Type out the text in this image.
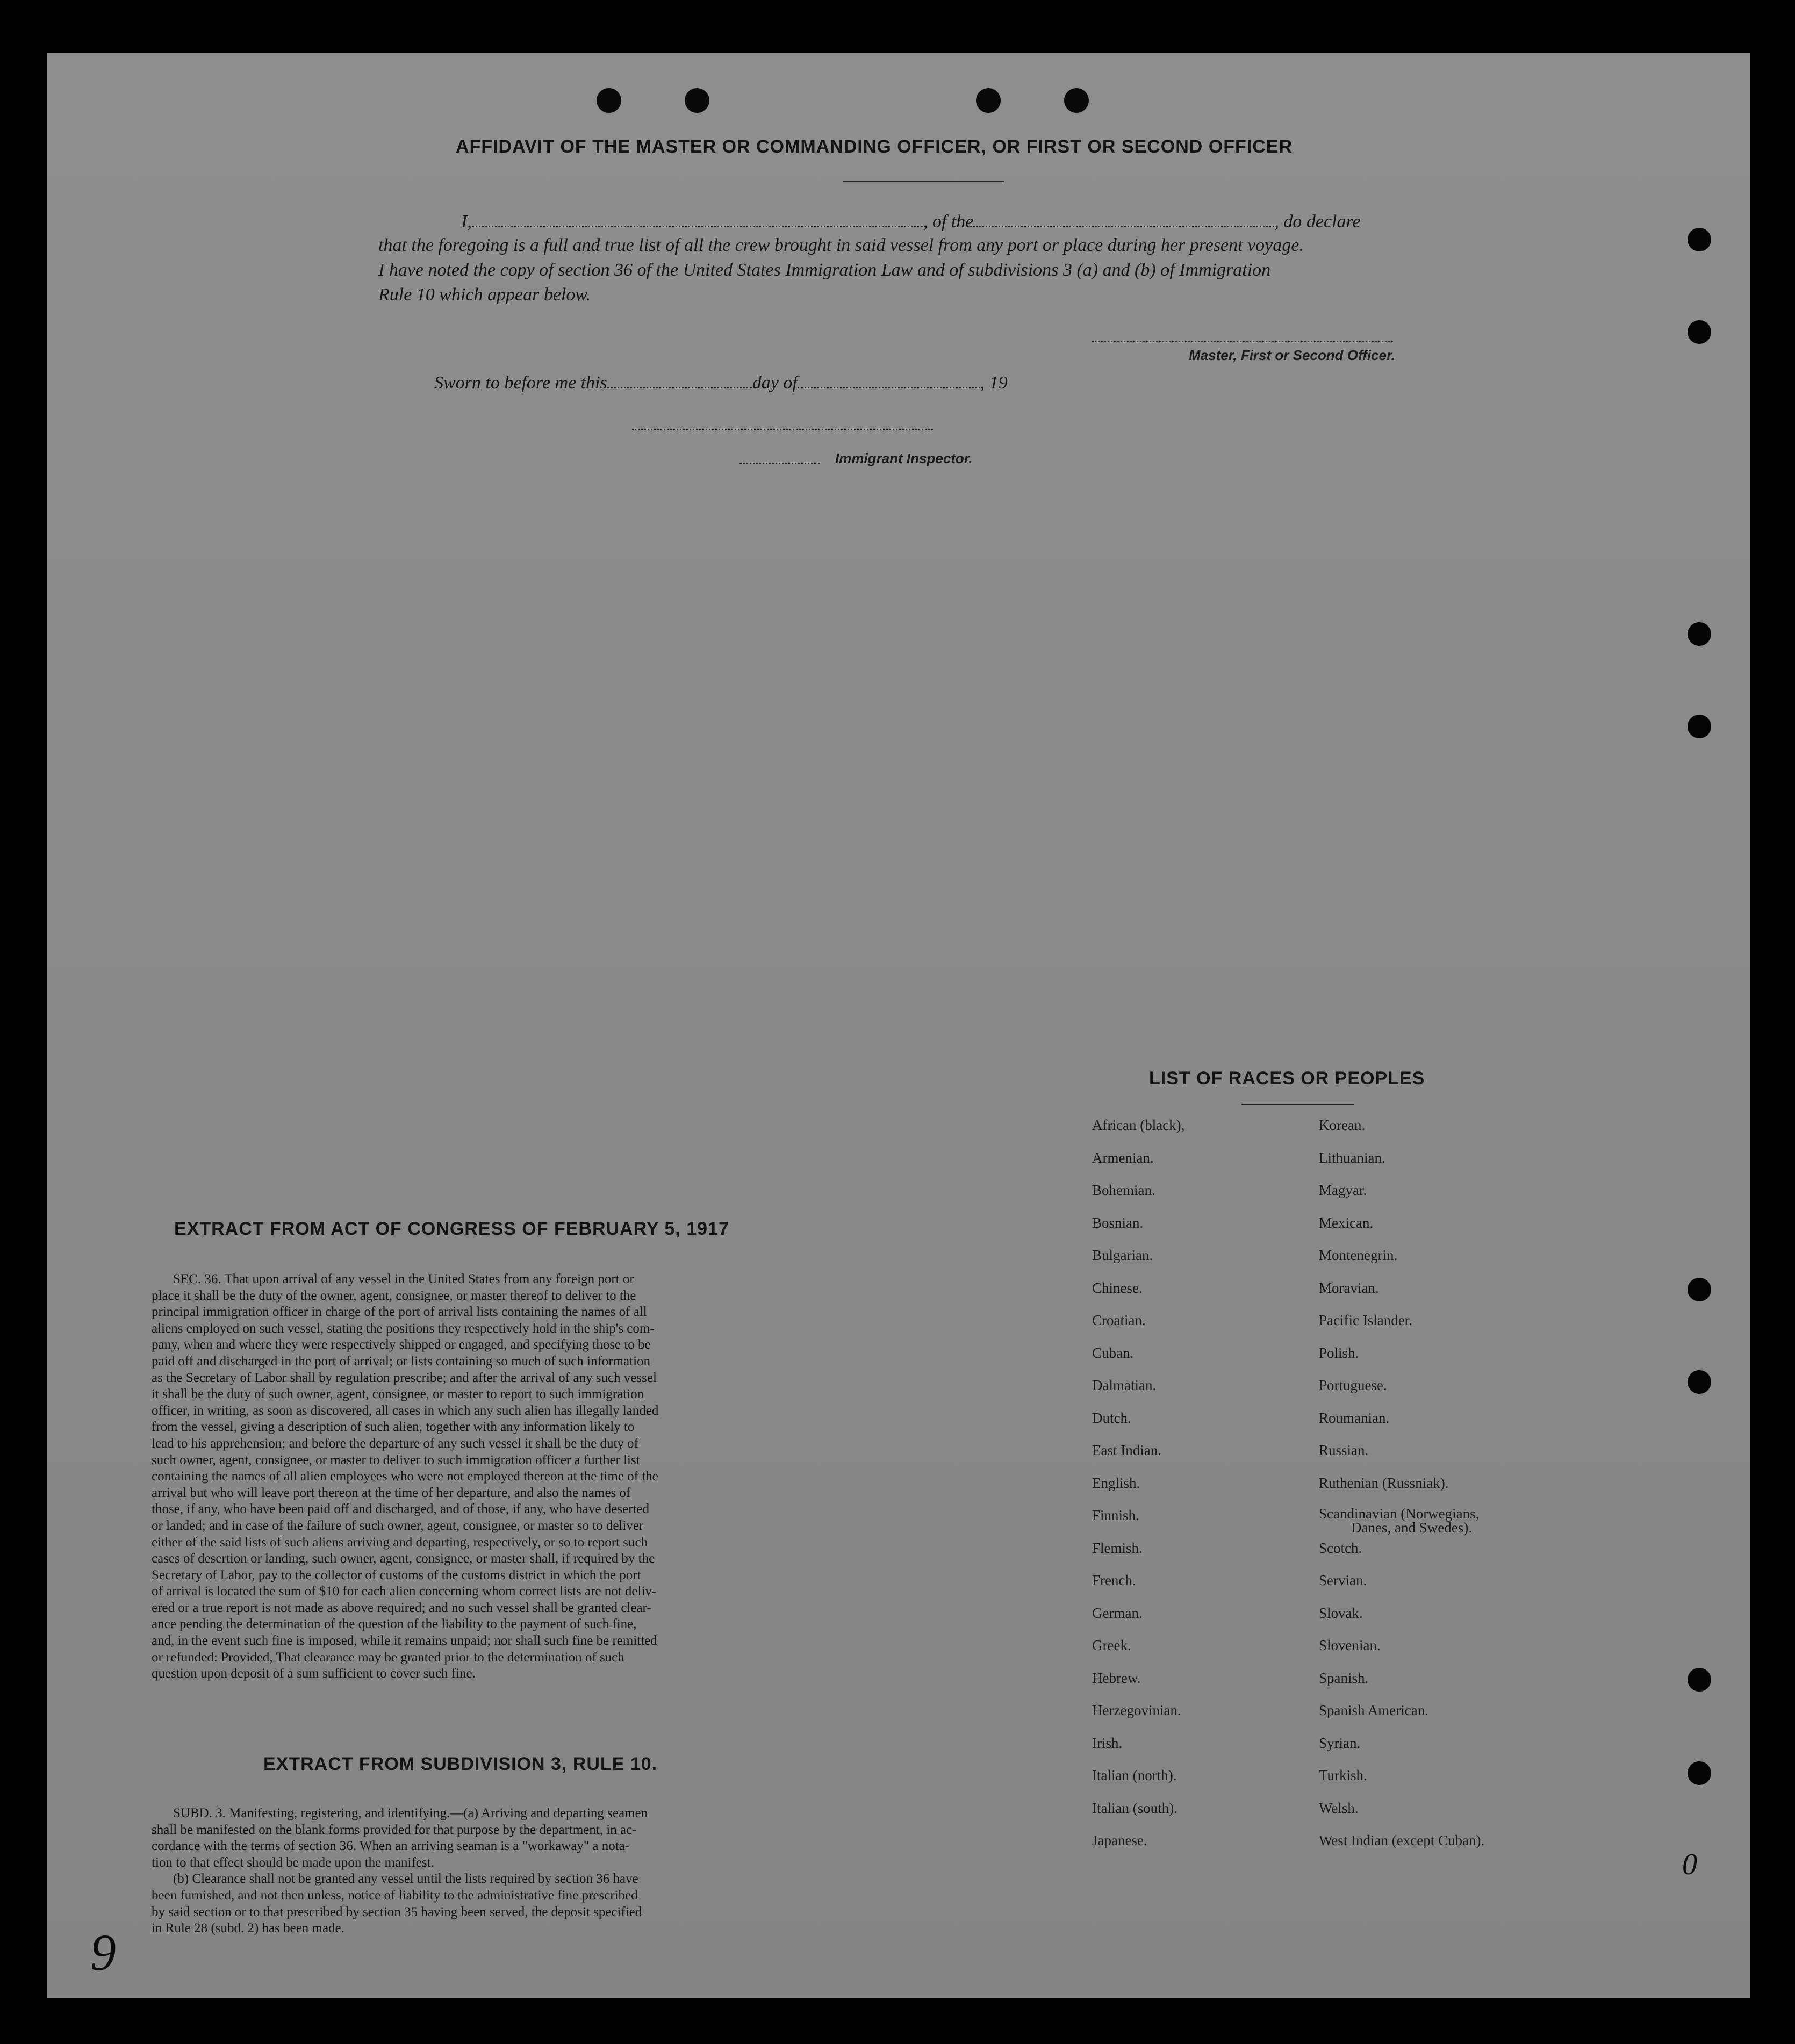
AFFIDAVIT OF THE MASTER OR COMMANDING OFFICER, OR FIRST OR SECOND OFFICER
I,	, of the	, do declare
that the foregoing is a full and true list of all the crew brought in said vessel from any port or place during her present voyage.
I have noted the copy of section 36 of the United States Immigration Law and of subdivisions 3 (a) and (b) of Immigration
Rule 10 which appear below.
Master, First or Second Officer.
Sworn to before me this	day of	, 19
Immigrant Inspector.
EXTRACT FROM ACT OF CONGRESS OF FEBRUARY 5, 1917
SEC. 36. That upon arrival of any vessel in the United States from any foreign port or
place it shall be the duty of the owner, agent, consignee, or master thereof to deliver to the
principal immigration officer in charge of the port of arrival lists containing the names of all
aliens employed on such vessel, stating the positions they respectively hold in the ship's com-
pany, when and where they were respectively shipped or engaged, and specifying those to be
paid off and discharged in the port of arrival; or lists containing so much of such information
as the Secretary of Labor shall by regulation prescribe; and after the arrival of any such vessel
it shall be the duty of such owner, agent, consignee, or master to report to such immigration
officer, in writing, as soon as discovered, all cases in which any such alien has illegally landed
from the vessel, giving a description of such alien, together with any information likely to
lead to his apprehension; and before the departure of any such vessel it shall be the duty of
such owner, agent, consignee, or master to deliver to such immigration officer a further list
containing the names of all alien employees who were not employed thereon at the time of the
arrival but who will leave port thereon at the time of her departure, and also the names of
those, if any, who have been paid off and discharged, and of those, if any, who have deserted
or landed; and in case of the failure of such owner, agent, consignee, or master so to deliver
either of the said lists of such aliens arriving and departing, respectively, or so to report such
cases of desertion or landing, such owner, agent, consignee, or master shall, if required by the
Secretary of Labor, pay to the collector of customs of the customs district in which the port
of arrival is located the sum of $10 for each alien concerning whom correct lists are not deliv-
ered or a true report is not made as above required; and no such vessel shall be granted clear-
ance pending the determination of the question of the liability to the payment of such fine,
and, in the event such fine is imposed, while it remains unpaid; nor shall such fine be remitted
or refunded: Provided, That clearance may be granted prior to the determination of such
question upon deposit of a sum sufficient to cover such fine.
EXTRACT FROM SUBDIVISION 3, RULE 10.
SUBD. 3. Manifesting, registering, and identifying.—(a) Arriving and departing seamen
shall be manifested on the blank forms provided for that purpose by the department, in ac-
cordance with the terms of section 36. When an arriving seaman is a "workaway" a nota-
tion to that effect should be made upon the manifest.
(b) Clearance shall not be granted any vessel until the lists required by section 36 have
been furnished, and not then unless, notice of liability to the administrative fine prescribed
by said section or to that prescribed by section 35 having been served, the deposit specified
in Rule 28 (subd. 2) has been made.
LIST OF RACES OR PEOPLES
African (black),
Armenian.
Bohemian.
Bosnian.
Bulgarian.
Chinese.
Croatian.
Cuban.
Dalmatian.
Dutch.
East Indian.
English.
Finnish.
Flemish.
French.
German.
Greek.
Hebrew.
Herzegovinian.
Irish.
Italian (north).
Italian (south).
Japanese.
Korean.
Lithuanian.
Magyar.
Mexican.
Montenegrin.
Moravian.
Pacific Islander.
Polish.
Portuguese.
Roumanian.
Russian.
Ruthenian (Russniak).
Scandinavian (Norwegians,
Danes, and Swedes).
Scotch.
Servian.
Slovak.
Slovenian.
Spanish.
Spanish American.
Syrian.
Turkish.
Welsh.
West Indian (except Cuban).
9
0
